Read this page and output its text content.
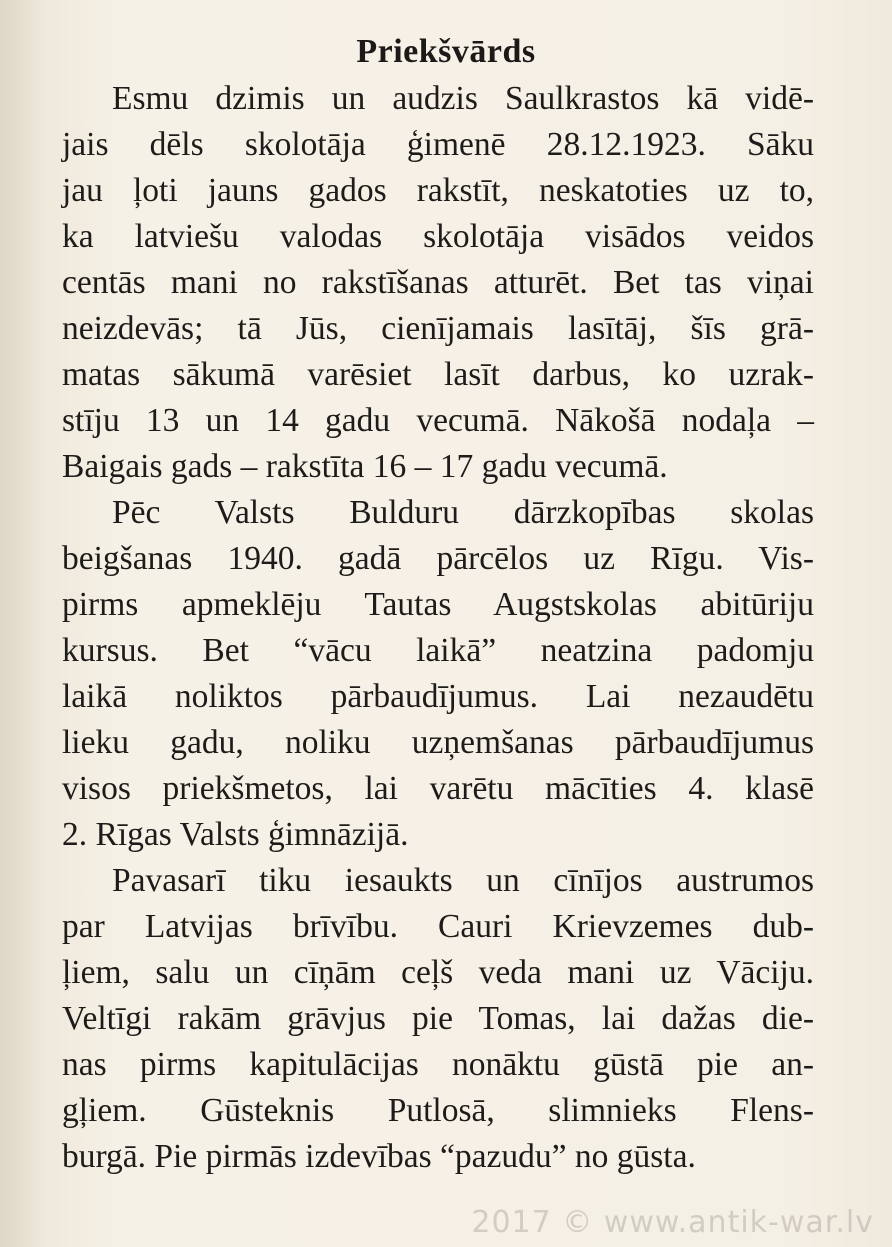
Priekšvārds
Esmu dzimis un audzis Saulkrastos kā vidē-
jais dēls skolotāja ģimenē 28.12.1923. Sāku
jau ļoti jauns gados rakstīt, neskatoties uz to,
ka latviešu valodas skolotāja visādos veidos
centās mani no rakstīšanas atturēt. Bet tas viņai
neizdevās; tā Jūs, cienījamais lasītāj, šīs grā-
matas sākumā varēsiet lasīt darbus, ko uzrak-
stīju 13 un 14 gadu vecumā. Nākošā nodaļa –
Baigais gads – rakstīta 16 – 17 gadu vecumā.
Pēc Valsts Bulduru dārzkopības skolas
beigšanas 1940. gadā pārcēlos uz Rīgu. Vis-
pirms apmeklēju Tautas Augstskolas abitūriju
kursus. Bet “vācu laikā” neatzina padomju
laikā noliktos pārbaudījumus. Lai nezaudētu
lieku gadu, noliku uzņemšanas pārbaudījumus
visos priekšmetos, lai varētu mācīties 4. klasē
2. Rīgas Valsts ģimnāzijā.
Pavasarī tiku iesaukts un cīnījos austrumos
par Latvijas brīvību. Cauri Krievzemes dub-
ļiem, salu un cīņām ceļš veda mani uz Vāciju.
Veltīgi rakām grāvjus pie Tomas, lai dažas die-
nas pirms kapitulācijas nonāktu gūstā pie an-
gļiem. Gūsteknis Putlosā, slimnieks Flens-
burgā. Pie pirmās izdevības “pazudu” no gūsta.
2017 © www.antik-war.lv
